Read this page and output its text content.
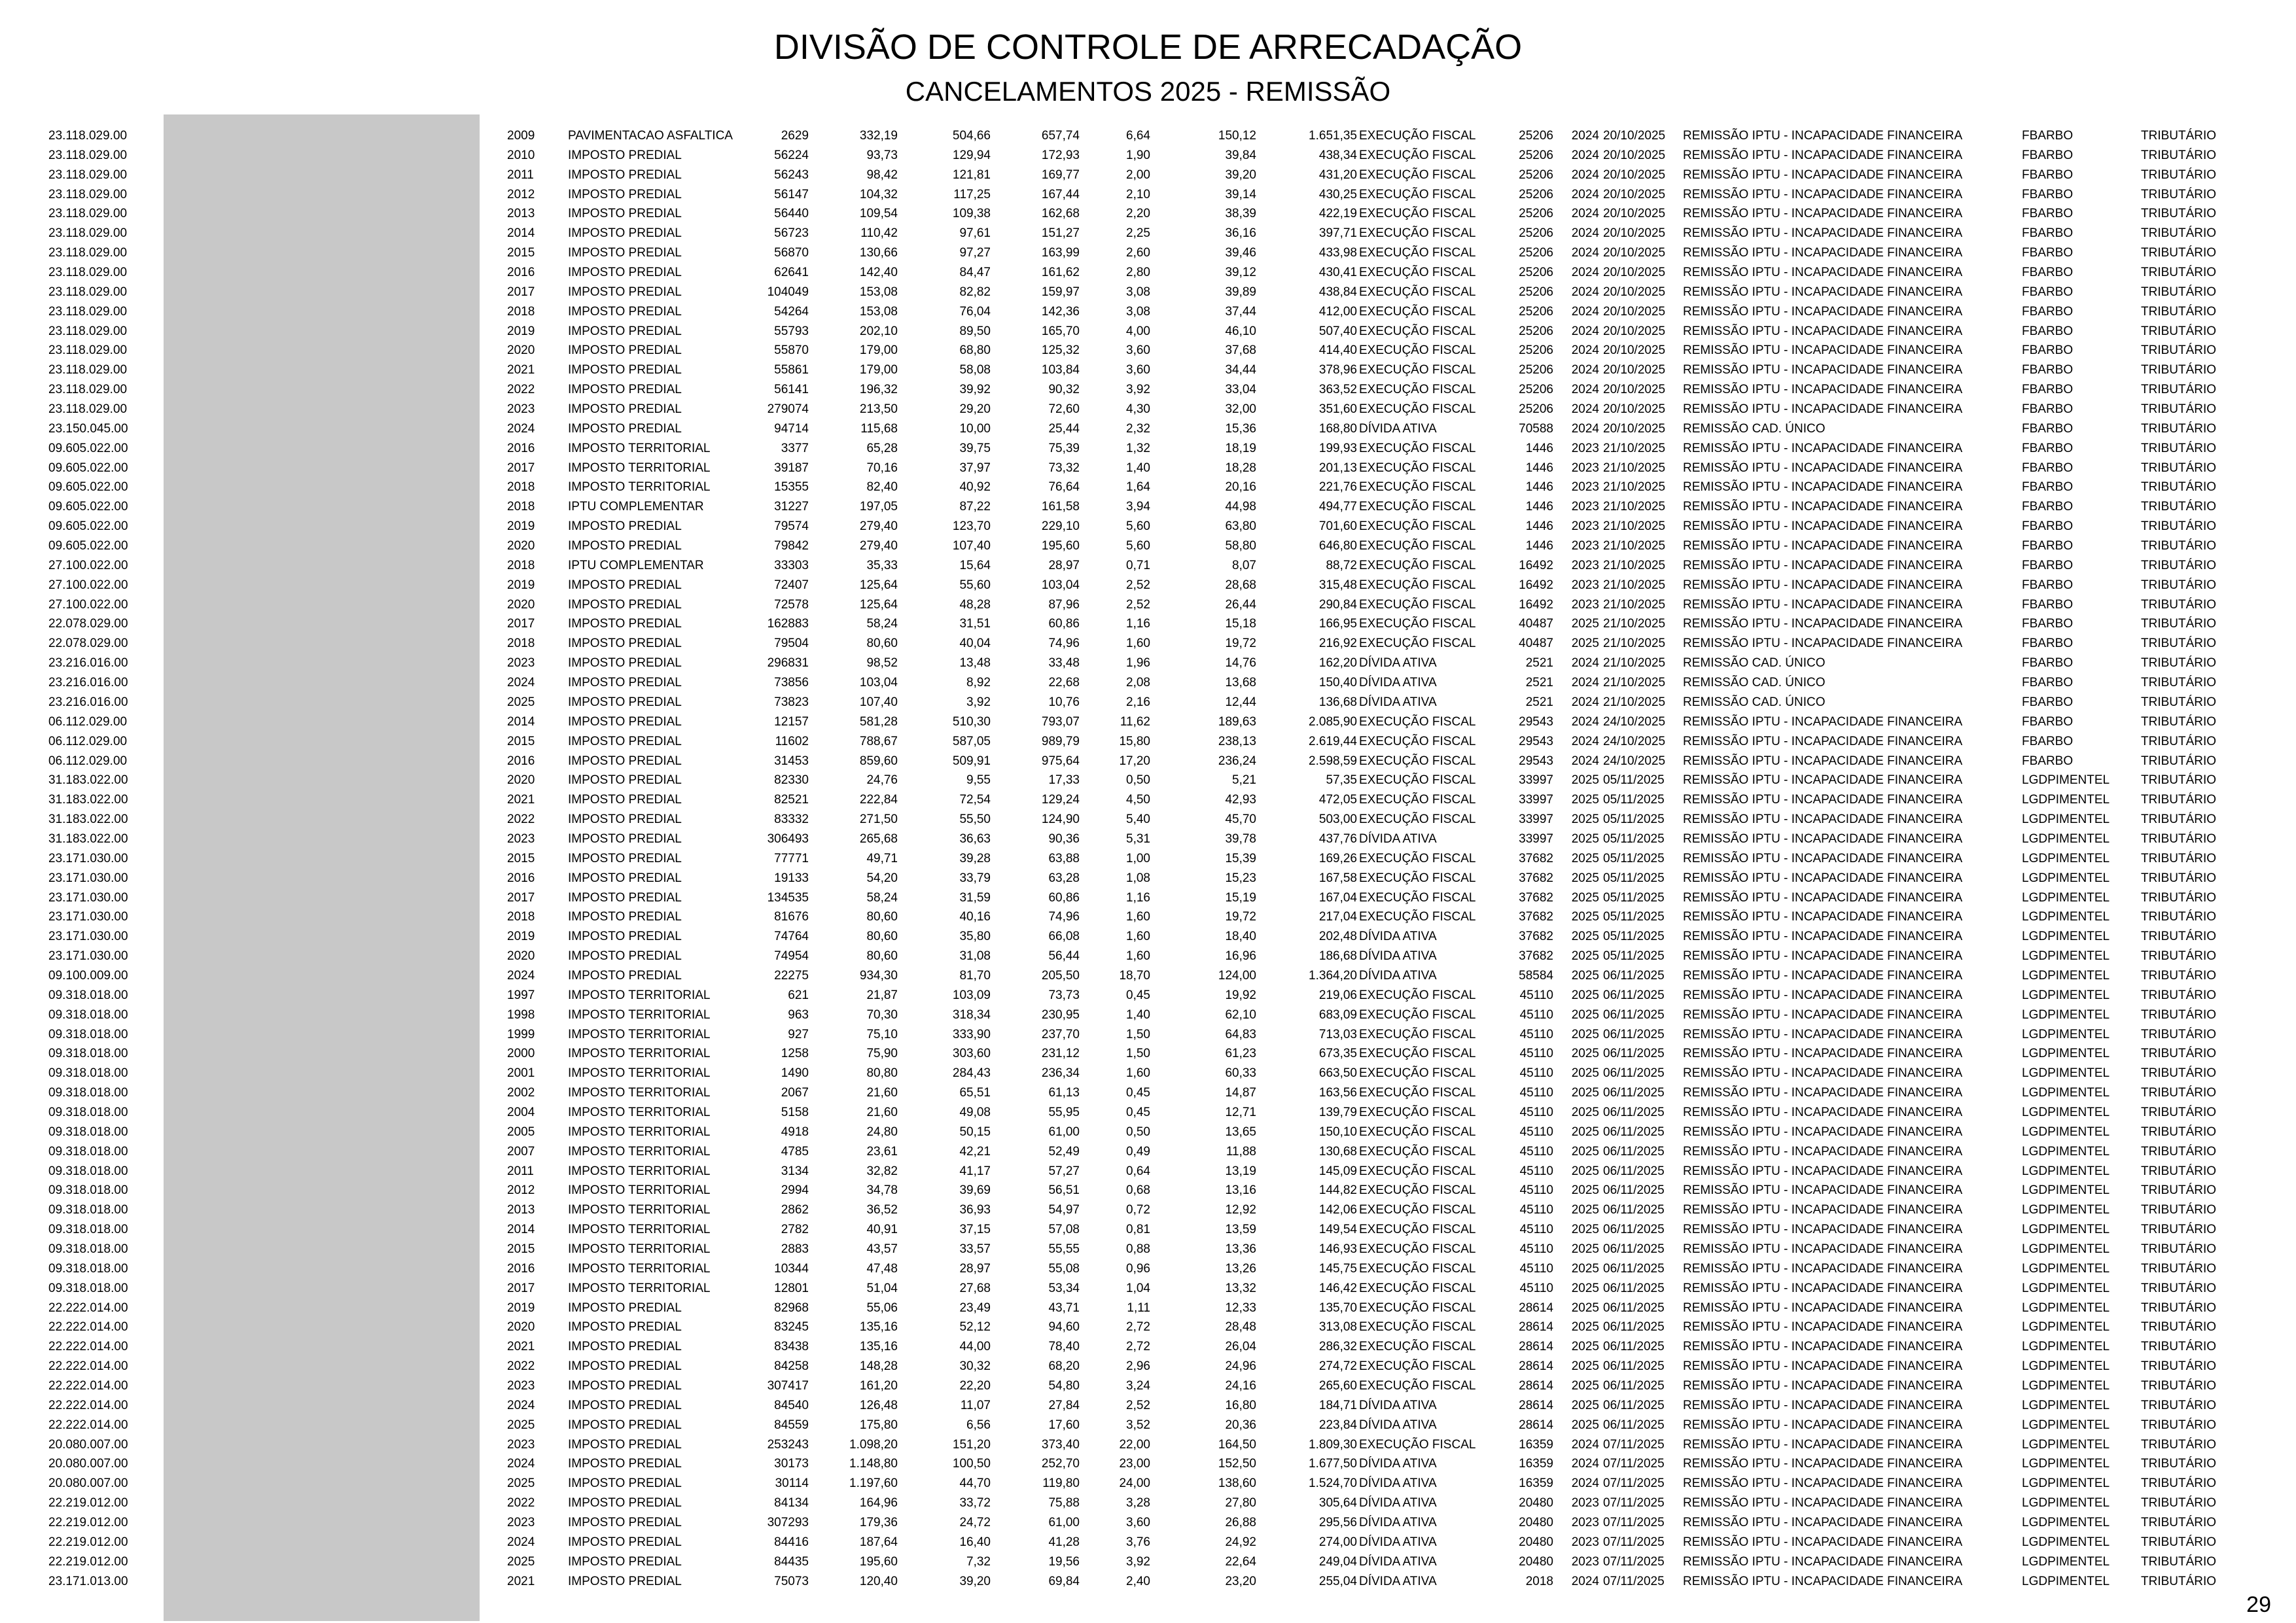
DIVISÃO DE CONTROLE DE ARRECADAÇÃO
CANCELAMENTOS 2025 - REMISSÃO
23.118.029.00	2009	PAVIMENTACAO ASFALTICA	2629	332,19	504,66	657,74	6,64	150,12	1.651,35 EXECUÇÃO FISCAL	25206	2024 20/10/2025	REMISSÃO IPTU - INCAPACIDADE FINANCEIRA	FBARBO	TRIBUTÁRIO
23.118.029.00	2010	IMPOSTO PREDIAL	56224	93,73	129,94	172,93	1,90	39,84	438,34 EXECUÇÃO FISCAL	25206	2024 20/10/2025	REMISSÃO IPTU - INCAPACIDADE FINANCEIRA	FBARBO	TRIBUTÁRIO
23.118.029.00	2011	IMPOSTO PREDIAL	56243	98,42	121,81	169,77	2,00	39,20	431,20 EXECUÇÃO FISCAL	25206	2024 20/10/2025	REMISSÃO IPTU - INCAPACIDADE FINANCEIRA	FBARBO	TRIBUTÁRIO
23.118.029.00	2012	IMPOSTO PREDIAL	56147	104,32	117,25	167,44	2,10	39,14	430,25 EXECUÇÃO FISCAL	25206	2024 20/10/2025	REMISSÃO IPTU - INCAPACIDADE FINANCEIRA	FBARBO	TRIBUTÁRIO
23.118.029.00	2013	IMPOSTO PREDIAL	56440	109,54	109,38	162,68	2,20	38,39	422,19 EXECUÇÃO FISCAL	25206	2024 20/10/2025	REMISSÃO IPTU - INCAPACIDADE FINANCEIRA	FBARBO	TRIBUTÁRIO
23.118.029.00	2014	IMPOSTO PREDIAL	56723	110,42	97,61	151,27	2,25	36,16	397,71 EXECUÇÃO FISCAL	25206	2024 20/10/2025	REMISSÃO IPTU - INCAPACIDADE FINANCEIRA	FBARBO	TRIBUTÁRIO
23.118.029.00	2015	IMPOSTO PREDIAL	56870	130,66	97,27	163,99	2,60	39,46	433,98 EXECUÇÃO FISCAL	25206	2024 20/10/2025	REMISSÃO IPTU - INCAPACIDADE FINANCEIRA	FBARBO	TRIBUTÁRIO
23.118.029.00	2016	IMPOSTO PREDIAL	62641	142,40	84,47	161,62	2,80	39,12	430,41 EXECUÇÃO FISCAL	25206	2024 20/10/2025	REMISSÃO IPTU - INCAPACIDADE FINANCEIRA	FBARBO	TRIBUTÁRIO
23.118.029.00	2017	IMPOSTO PREDIAL	104049	153,08	82,82	159,97	3,08	39,89	438,84 EXECUÇÃO FISCAL	25206	2024 20/10/2025	REMISSÃO IPTU - INCAPACIDADE FINANCEIRA	FBARBO	TRIBUTÁRIO
23.118.029.00	2018	IMPOSTO PREDIAL	54264	153,08	76,04	142,36	3,08	37,44	412,00 EXECUÇÃO FISCAL	25206	2024 20/10/2025	REMISSÃO IPTU - INCAPACIDADE FINANCEIRA	FBARBO	TRIBUTÁRIO
23.118.029.00	2019	IMPOSTO PREDIAL	55793	202,10	89,50	165,70	4,00	46,10	507,40 EXECUÇÃO FISCAL	25206	2024 20/10/2025	REMISSÃO IPTU - INCAPACIDADE FINANCEIRA	FBARBO	TRIBUTÁRIO
23.118.029.00	2020	IMPOSTO PREDIAL	55870	179,00	68,80	125,32	3,60	37,68	414,40 EXECUÇÃO FISCAL	25206	2024 20/10/2025	REMISSÃO IPTU - INCAPACIDADE FINANCEIRA	FBARBO	TRIBUTÁRIO
23.118.029.00	2021	IMPOSTO PREDIAL	55861	179,00	58,08	103,84	3,60	34,44	378,96 EXECUÇÃO FISCAL	25206	2024 20/10/2025	REMISSÃO IPTU - INCAPACIDADE FINANCEIRA	FBARBO	TRIBUTÁRIO
23.118.029.00	2022	IMPOSTO PREDIAL	56141	196,32	39,92	90,32	3,92	33,04	363,52 EXECUÇÃO FISCAL	25206	2024 20/10/2025	REMISSÃO IPTU - INCAPACIDADE FINANCEIRA	FBARBO	TRIBUTÁRIO
23.118.029.00	2023	IMPOSTO PREDIAL	279074	213,50	29,20	72,60	4,30	32,00	351,60 EXECUÇÃO FISCAL	25206	2024 20/10/2025	REMISSÃO IPTU - INCAPACIDADE FINANCEIRA	FBARBO	TRIBUTÁRIO
23.150.045.00	2024	IMPOSTO PREDIAL	94714	115,68	10,00	25,44	2,32	15,36	168,80 DÍVIDA ATIVA	70588	2024 20/10/2025	REMISSÃO CAD. ÚNICO	FBARBO	TRIBUTÁRIO
09.605.022.00	2016	IMPOSTO TERRITORIAL	3377	65,28	39,75	75,39	1,32	18,19	199,93 EXECUÇÃO FISCAL	1446	2023 21/10/2025	REMISSÃO IPTU - INCAPACIDADE FINANCEIRA	FBARBO	TRIBUTÁRIO
09.605.022.00	2017	IMPOSTO TERRITORIAL	39187	70,16	37,97	73,32	1,40	18,28	201,13 EXECUÇÃO FISCAL	1446	2023 21/10/2025	REMISSÃO IPTU - INCAPACIDADE FINANCEIRA	FBARBO	TRIBUTÁRIO
09.605.022.00	2018	IMPOSTO TERRITORIAL	15355	82,40	40,92	76,64	1,64	20,16	221,76 EXECUÇÃO FISCAL	1446	2023 21/10/2025	REMISSÃO IPTU - INCAPACIDADE FINANCEIRA	FBARBO	TRIBUTÁRIO
09.605.022.00	2018	IPTU COMPLEMENTAR	31227	197,05	87,22	161,58	3,94	44,98	494,77 EXECUÇÃO FISCAL	1446	2023 21/10/2025	REMISSÃO IPTU - INCAPACIDADE FINANCEIRA	FBARBO	TRIBUTÁRIO
09.605.022.00	2019	IMPOSTO PREDIAL	79574	279,40	123,70	229,10	5,60	63,80	701,60 EXECUÇÃO FISCAL	1446	2023 21/10/2025	REMISSÃO IPTU - INCAPACIDADE FINANCEIRA	FBARBO	TRIBUTÁRIO
09.605.022.00	2020	IMPOSTO PREDIAL	79842	279,40	107,40	195,60	5,60	58,80	646,80 EXECUÇÃO FISCAL	1446	2023 21/10/2025	REMISSÃO IPTU - INCAPACIDADE FINANCEIRA	FBARBO	TRIBUTÁRIO
27.100.022.00	2018	IPTU COMPLEMENTAR	33303	35,33	15,64	28,97	0,71	8,07	88,72 EXECUÇÃO FISCAL	16492	2023 21/10/2025	REMISSÃO IPTU - INCAPACIDADE FINANCEIRA	FBARBO	TRIBUTÁRIO
27.100.022.00	2019	IMPOSTO PREDIAL	72407	125,64	55,60	103,04	2,52	28,68	315,48 EXECUÇÃO FISCAL	16492	2023 21/10/2025	REMISSÃO IPTU - INCAPACIDADE FINANCEIRA	FBARBO	TRIBUTÁRIO
27.100.022.00	2020	IMPOSTO PREDIAL	72578	125,64	48,28	87,96	2,52	26,44	290,84 EXECUÇÃO FISCAL	16492	2023 21/10/2025	REMISSÃO IPTU - INCAPACIDADE FINANCEIRA	FBARBO	TRIBUTÁRIO
22.078.029.00	2017	IMPOSTO PREDIAL	162883	58,24	31,51	60,86	1,16	15,18	166,95 EXECUÇÃO FISCAL	40487	2025 21/10/2025	REMISSÃO IPTU - INCAPACIDADE FINANCEIRA	FBARBO	TRIBUTÁRIO
22.078.029.00	2018	IMPOSTO PREDIAL	79504	80,60	40,04	74,96	1,60	19,72	216,92 EXECUÇÃO FISCAL	40487	2025 21/10/2025	REMISSÃO IPTU - INCAPACIDADE FINANCEIRA	FBARBO	TRIBUTÁRIO
23.216.016.00	2023	IMPOSTO PREDIAL	296831	98,52	13,48	33,48	1,96	14,76	162,20 DÍVIDA ATIVA	2521	2024 21/10/2025	REMISSÃO CAD. ÚNICO	FBARBO	TRIBUTÁRIO
23.216.016.00	2024	IMPOSTO PREDIAL	73856	103,04	8,92	22,68	2,08	13,68	150,40 DÍVIDA ATIVA	2521	2024 21/10/2025	REMISSÃO CAD. ÚNICO	FBARBO	TRIBUTÁRIO
23.216.016.00	2025	IMPOSTO PREDIAL	73823	107,40	3,92	10,76	2,16	12,44	136,68 DÍVIDA ATIVA	2521	2024 21/10/2025	REMISSÃO CAD. ÚNICO	FBARBO	TRIBUTÁRIO
06.112.029.00	2014	IMPOSTO PREDIAL	12157	581,28	510,30	793,07	11,62	189,63	2.085,90 EXECUÇÃO FISCAL	29543	2024 24/10/2025	REMISSÃO IPTU - INCAPACIDADE FINANCEIRA	FBARBO	TRIBUTÁRIO
06.112.029.00	2015	IMPOSTO PREDIAL	11602	788,67	587,05	989,79	15,80	238,13	2.619,44 EXECUÇÃO FISCAL	29543	2024 24/10/2025	REMISSÃO IPTU - INCAPACIDADE FINANCEIRA	FBARBO	TRIBUTÁRIO
06.112.029.00	2016	IMPOSTO PREDIAL	31453	859,60	509,91	975,64	17,20	236,24	2.598,59 EXECUÇÃO FISCAL	29543	2024 24/10/2025	REMISSÃO IPTU - INCAPACIDADE FINANCEIRA	FBARBO	TRIBUTÁRIO
31.183.022.00	2020	IMPOSTO PREDIAL	82330	24,76	9,55	17,33	0,50	5,21	57,35 EXECUÇÃO FISCAL	33997	2025 05/11/2025	REMISSÃO IPTU - INCAPACIDADE FINANCEIRA	LGDPIMENTEL	TRIBUTÁRIO
31.183.022.00	2021	IMPOSTO PREDIAL	82521	222,84	72,54	129,24	4,50	42,93	472,05 EXECUÇÃO FISCAL	33997	2025 05/11/2025	REMISSÃO IPTU - INCAPACIDADE FINANCEIRA	LGDPIMENTEL	TRIBUTÁRIO
31.183.022.00	2022	IMPOSTO PREDIAL	83332	271,50	55,50	124,90	5,40	45,70	503,00 EXECUÇÃO FISCAL	33997	2025 05/11/2025	REMISSÃO IPTU - INCAPACIDADE FINANCEIRA	LGDPIMENTEL	TRIBUTÁRIO
31.183.022.00	2023	IMPOSTO PREDIAL	306493	265,68	36,63	90,36	5,31	39,78	437,76 DÍVIDA ATIVA	33997	2025 05/11/2025	REMISSÃO IPTU - INCAPACIDADE FINANCEIRA	LGDPIMENTEL	TRIBUTÁRIO
23.171.030.00	2015	IMPOSTO PREDIAL	77771	49,71	39,28	63,88	1,00	15,39	169,26 EXECUÇÃO FISCAL	37682	2025 05/11/2025	REMISSÃO IPTU - INCAPACIDADE FINANCEIRA	LGDPIMENTEL	TRIBUTÁRIO
23.171.030.00	2016	IMPOSTO PREDIAL	19133	54,20	33,79	63,28	1,08	15,23	167,58 EXECUÇÃO FISCAL	37682	2025 05/11/2025	REMISSÃO IPTU - INCAPACIDADE FINANCEIRA	LGDPIMENTEL	TRIBUTÁRIO
23.171.030.00	2017	IMPOSTO PREDIAL	134535	58,24	31,59	60,86	1,16	15,19	167,04 EXECUÇÃO FISCAL	37682	2025 05/11/2025	REMISSÃO IPTU - INCAPACIDADE FINANCEIRA	LGDPIMENTEL	TRIBUTÁRIO
23.171.030.00	2018	IMPOSTO PREDIAL	81676	80,60	40,16	74,96	1,60	19,72	217,04 EXECUÇÃO FISCAL	37682	2025 05/11/2025	REMISSÃO IPTU - INCAPACIDADE FINANCEIRA	LGDPIMENTEL	TRIBUTÁRIO
23.171.030.00	2019	IMPOSTO PREDIAL	74764	80,60	35,80	66,08	1,60	18,40	202,48 DÍVIDA ATIVA	37682	2025 05/11/2025	REMISSÃO IPTU - INCAPACIDADE FINANCEIRA	LGDPIMENTEL	TRIBUTÁRIO
23.171.030.00	2020	IMPOSTO PREDIAL	74954	80,60	31,08	56,44	1,60	16,96	186,68 DÍVIDA ATIVA	37682	2025 05/11/2025	REMISSÃO IPTU - INCAPACIDADE FINANCEIRA	LGDPIMENTEL	TRIBUTÁRIO
09.100.009.00	2024	IMPOSTO PREDIAL	22275	934,30	81,70	205,50	18,70	124,00	1.364,20 DÍVIDA ATIVA	58584	2025 06/11/2025	REMISSÃO IPTU - INCAPACIDADE FINANCEIRA	LGDPIMENTEL	TRIBUTÁRIO
09.318.018.00	1997	IMPOSTO TERRITORIAL	621	21,87	103,09	73,73	0,45	19,92	219,06 EXECUÇÃO FISCAL	45110	2025 06/11/2025	REMISSÃO IPTU - INCAPACIDADE FINANCEIRA	LGDPIMENTEL	TRIBUTÁRIO
09.318.018.00	1998	IMPOSTO TERRITORIAL	963	70,30	318,34	230,95	1,40	62,10	683,09 EXECUÇÃO FISCAL	45110	2025 06/11/2025	REMISSÃO IPTU - INCAPACIDADE FINANCEIRA	LGDPIMENTEL	TRIBUTÁRIO
09.318.018.00	1999	IMPOSTO TERRITORIAL	927	75,10	333,90	237,70	1,50	64,83	713,03 EXECUÇÃO FISCAL	45110	2025 06/11/2025	REMISSÃO IPTU - INCAPACIDADE FINANCEIRA	LGDPIMENTEL	TRIBUTÁRIO
09.318.018.00	2000	IMPOSTO TERRITORIAL	1258	75,90	303,60	231,12	1,50	61,23	673,35 EXECUÇÃO FISCAL	45110	2025 06/11/2025	REMISSÃO IPTU - INCAPACIDADE FINANCEIRA	LGDPIMENTEL	TRIBUTÁRIO
09.318.018.00	2001	IMPOSTO TERRITORIAL	1490	80,80	284,43	236,34	1,60	60,33	663,50 EXECUÇÃO FISCAL	45110	2025 06/11/2025	REMISSÃO IPTU - INCAPACIDADE FINANCEIRA	LGDPIMENTEL	TRIBUTÁRIO
09.318.018.00	2002	IMPOSTO TERRITORIAL	2067	21,60	65,51	61,13	0,45	14,87	163,56 EXECUÇÃO FISCAL	45110	2025 06/11/2025	REMISSÃO IPTU - INCAPACIDADE FINANCEIRA	LGDPIMENTEL	TRIBUTÁRIO
09.318.018.00	2004	IMPOSTO TERRITORIAL	5158	21,60	49,08	55,95	0,45	12,71	139,79 EXECUÇÃO FISCAL	45110	2025 06/11/2025	REMISSÃO IPTU - INCAPACIDADE FINANCEIRA	LGDPIMENTEL	TRIBUTÁRIO
09.318.018.00	2005	IMPOSTO TERRITORIAL	4918	24,80	50,15	61,00	0,50	13,65	150,10 EXECUÇÃO FISCAL	45110	2025 06/11/2025	REMISSÃO IPTU - INCAPACIDADE FINANCEIRA	LGDPIMENTEL	TRIBUTÁRIO
09.318.018.00	2007	IMPOSTO TERRITORIAL	4785	23,61	42,21	52,49	0,49	11,88	130,68 EXECUÇÃO FISCAL	45110	2025 06/11/2025	REMISSÃO IPTU - INCAPACIDADE FINANCEIRA	LGDPIMENTEL	TRIBUTÁRIO
09.318.018.00	2011	IMPOSTO TERRITORIAL	3134	32,82	41,17	57,27	0,64	13,19	145,09 EXECUÇÃO FISCAL	45110	2025 06/11/2025	REMISSÃO IPTU - INCAPACIDADE FINANCEIRA	LGDPIMENTEL	TRIBUTÁRIO
09.318.018.00	2012	IMPOSTO TERRITORIAL	2994	34,78	39,69	56,51	0,68	13,16	144,82 EXECUÇÃO FISCAL	45110	2025 06/11/2025	REMISSÃO IPTU - INCAPACIDADE FINANCEIRA	LGDPIMENTEL	TRIBUTÁRIO
09.318.018.00	2013	IMPOSTO TERRITORIAL	2862	36,52	36,93	54,97	0,72	12,92	142,06 EXECUÇÃO FISCAL	45110	2025 06/11/2025	REMISSÃO IPTU - INCAPACIDADE FINANCEIRA	LGDPIMENTEL	TRIBUTÁRIO
09.318.018.00	2014	IMPOSTO TERRITORIAL	2782	40,91	37,15	57,08	0,81	13,59	149,54 EXECUÇÃO FISCAL	45110	2025 06/11/2025	REMISSÃO IPTU - INCAPACIDADE FINANCEIRA	LGDPIMENTEL	TRIBUTÁRIO
09.318.018.00	2015	IMPOSTO TERRITORIAL	2883	43,57	33,57	55,55	0,88	13,36	146,93 EXECUÇÃO FISCAL	45110	2025 06/11/2025	REMISSÃO IPTU - INCAPACIDADE FINANCEIRA	LGDPIMENTEL	TRIBUTÁRIO
09.318.018.00	2016	IMPOSTO TERRITORIAL	10344	47,48	28,97	55,08	0,96	13,26	145,75 EXECUÇÃO FISCAL	45110	2025 06/11/2025	REMISSÃO IPTU - INCAPACIDADE FINANCEIRA	LGDPIMENTEL	TRIBUTÁRIO
09.318.018.00	2017	IMPOSTO TERRITORIAL	12801	51,04	27,68	53,34	1,04	13,32	146,42 EXECUÇÃO FISCAL	45110	2025 06/11/2025	REMISSÃO IPTU - INCAPACIDADE FINANCEIRA	LGDPIMENTEL	TRIBUTÁRIO
22.222.014.00	2019	IMPOSTO PREDIAL	82968	55,06	23,49	43,71	1,11	12,33	135,70 EXECUÇÃO FISCAL	28614	2025 06/11/2025	REMISSÃO IPTU - INCAPACIDADE FINANCEIRA	LGDPIMENTEL	TRIBUTÁRIO
22.222.014.00	2020	IMPOSTO PREDIAL	83245	135,16	52,12	94,60	2,72	28,48	313,08 EXECUÇÃO FISCAL	28614	2025 06/11/2025	REMISSÃO IPTU - INCAPACIDADE FINANCEIRA	LGDPIMENTEL	TRIBUTÁRIO
22.222.014.00	2021	IMPOSTO PREDIAL	83438	135,16	44,00	78,40	2,72	26,04	286,32 EXECUÇÃO FISCAL	28614	2025 06/11/2025	REMISSÃO IPTU - INCAPACIDADE FINANCEIRA	LGDPIMENTEL	TRIBUTÁRIO
22.222.014.00	2022	IMPOSTO PREDIAL	84258	148,28	30,32	68,20	2,96	24,96	274,72 EXECUÇÃO FISCAL	28614	2025 06/11/2025	REMISSÃO IPTU - INCAPACIDADE FINANCEIRA	LGDPIMENTEL	TRIBUTÁRIO
22.222.014.00	2023	IMPOSTO PREDIAL	307417	161,20	22,20	54,80	3,24	24,16	265,60 EXECUÇÃO FISCAL	28614	2025 06/11/2025	REMISSÃO IPTU - INCAPACIDADE FINANCEIRA	LGDPIMENTEL	TRIBUTÁRIO
22.222.014.00	2024	IMPOSTO PREDIAL	84540	126,48	11,07	27,84	2,52	16,80	184,71 DÍVIDA ATIVA	28614	2025 06/11/2025	REMISSÃO IPTU - INCAPACIDADE FINANCEIRA	LGDPIMENTEL	TRIBUTÁRIO
22.222.014.00	2025	IMPOSTO PREDIAL	84559	175,80	6,56	17,60	3,52	20,36	223,84 DÍVIDA ATIVA	28614	2025 06/11/2025	REMISSÃO IPTU - INCAPACIDADE FINANCEIRA	LGDPIMENTEL	TRIBUTÁRIO
20.080.007.00	2023	IMPOSTO PREDIAL	253243	1.098,20	151,20	373,40	22,00	164,50	1.809,30 EXECUÇÃO FISCAL	16359	2024 07/11/2025	REMISSÃO IPTU - INCAPACIDADE FINANCEIRA	LGDPIMENTEL	TRIBUTÁRIO
20.080.007.00	2024	IMPOSTO PREDIAL	30173	1.148,80	100,50	252,70	23,00	152,50	1.677,50 DÍVIDA ATIVA	16359	2024 07/11/2025	REMISSÃO IPTU - INCAPACIDADE FINANCEIRA	LGDPIMENTEL	TRIBUTÁRIO
20.080.007.00	2025	IMPOSTO PREDIAL	30114	1.197,60	44,70	119,80	24,00	138,60	1.524,70 DÍVIDA ATIVA	16359	2024 07/11/2025	REMISSÃO IPTU - INCAPACIDADE FINANCEIRA	LGDPIMENTEL	TRIBUTÁRIO
22.219.012.00	2022	IMPOSTO PREDIAL	84134	164,96	33,72	75,88	3,28	27,80	305,64 DÍVIDA ATIVA	20480	2023 07/11/2025	REMISSÃO IPTU - INCAPACIDADE FINANCEIRA	LGDPIMENTEL	TRIBUTÁRIO
22.219.012.00	2023	IMPOSTO PREDIAL	307293	179,36	24,72	61,00	3,60	26,88	295,56 DÍVIDA ATIVA	20480	2023 07/11/2025	REMISSÃO IPTU - INCAPACIDADE FINANCEIRA	LGDPIMENTEL	TRIBUTÁRIO
22.219.012.00	2024	IMPOSTO PREDIAL	84416	187,64	16,40	41,28	3,76	24,92	274,00 DÍVIDA ATIVA	20480	2023 07/11/2025	REMISSÃO IPTU - INCAPACIDADE FINANCEIRA	LGDPIMENTEL	TRIBUTÁRIO
22.219.012.00	2025	IMPOSTO PREDIAL	84435	195,60	7,32	19,56	3,92	22,64	249,04 DÍVIDA ATIVA	20480	2023 07/11/2025	REMISSÃO IPTU - INCAPACIDADE FINANCEIRA	LGDPIMENTEL	TRIBUTÁRIO
23.171.013.00	2021	IMPOSTO PREDIAL	75073	120,40	39,20	69,84	2,40	23,20	255,04 DÍVIDA ATIVA	2018	2024 07/11/2025	REMISSÃO IPTU - INCAPACIDADE FINANCEIRA	LGDPIMENTEL	TRIBUTÁRIO
29
